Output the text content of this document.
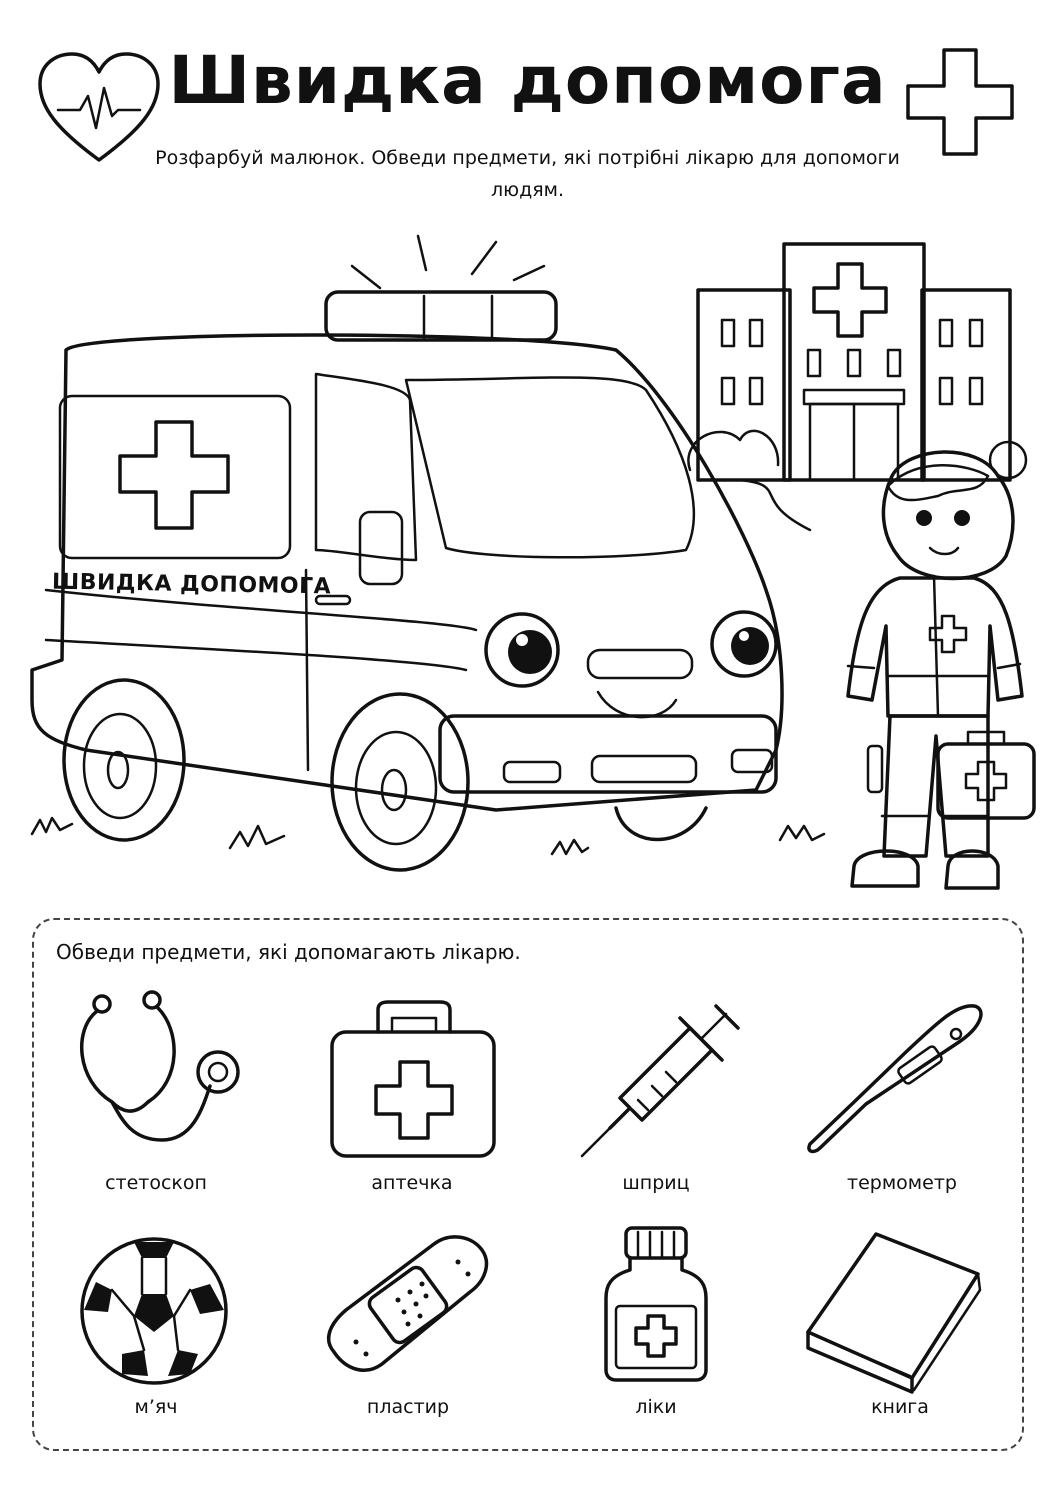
Швидка допомога
Розфарбуй малюнок. Обведи предмети, які потрібні лікарю для допомоги людям.
ШВИДКА ДОПОМОГА
Обведи предмети, які допомагають лікарю.
стетоскоп	аптечка	шприц	термометр
м’яч	пластир	ліки	книга
